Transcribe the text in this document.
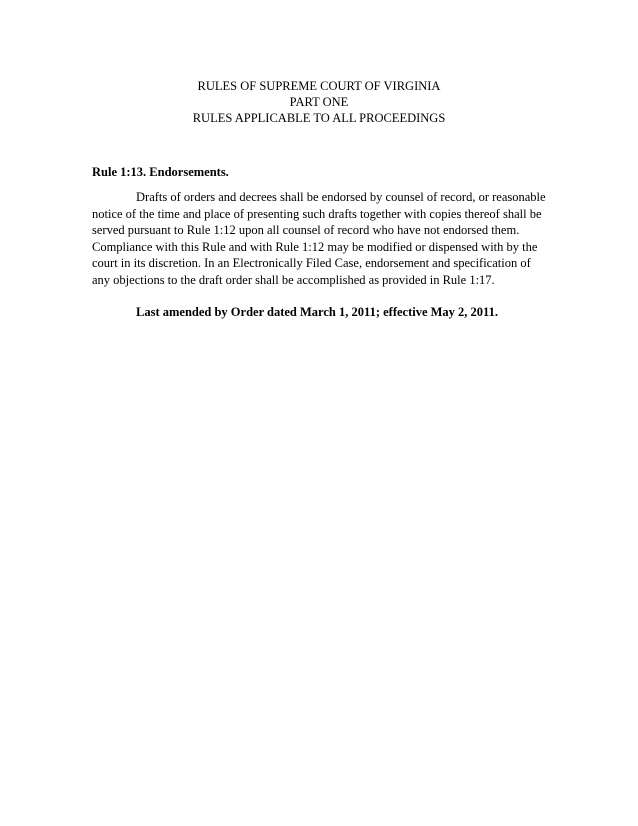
RULES OF SUPREME COURT OF VIRGINIA
PART ONE
RULES APPLICABLE TO ALL PROCEEDINGS
Rule 1:13. Endorsements.
Drafts of orders and decrees shall be endorsed by counsel of record, or reasonable
notice of the time and place of presenting such drafts together with copies thereof shall be
served pursuant to Rule 1:12 upon all counsel of record who have not endorsed them.
Compliance with this Rule and with Rule 1:12 may be modified or dispensed with by the
court in its discretion. In an Electronically Filed Case, endorsement and specification of
any objections to the draft order shall be accomplished as provided in Rule 1:17.
Last amended by Order dated March 1, 2011; effective May 2, 2011.
